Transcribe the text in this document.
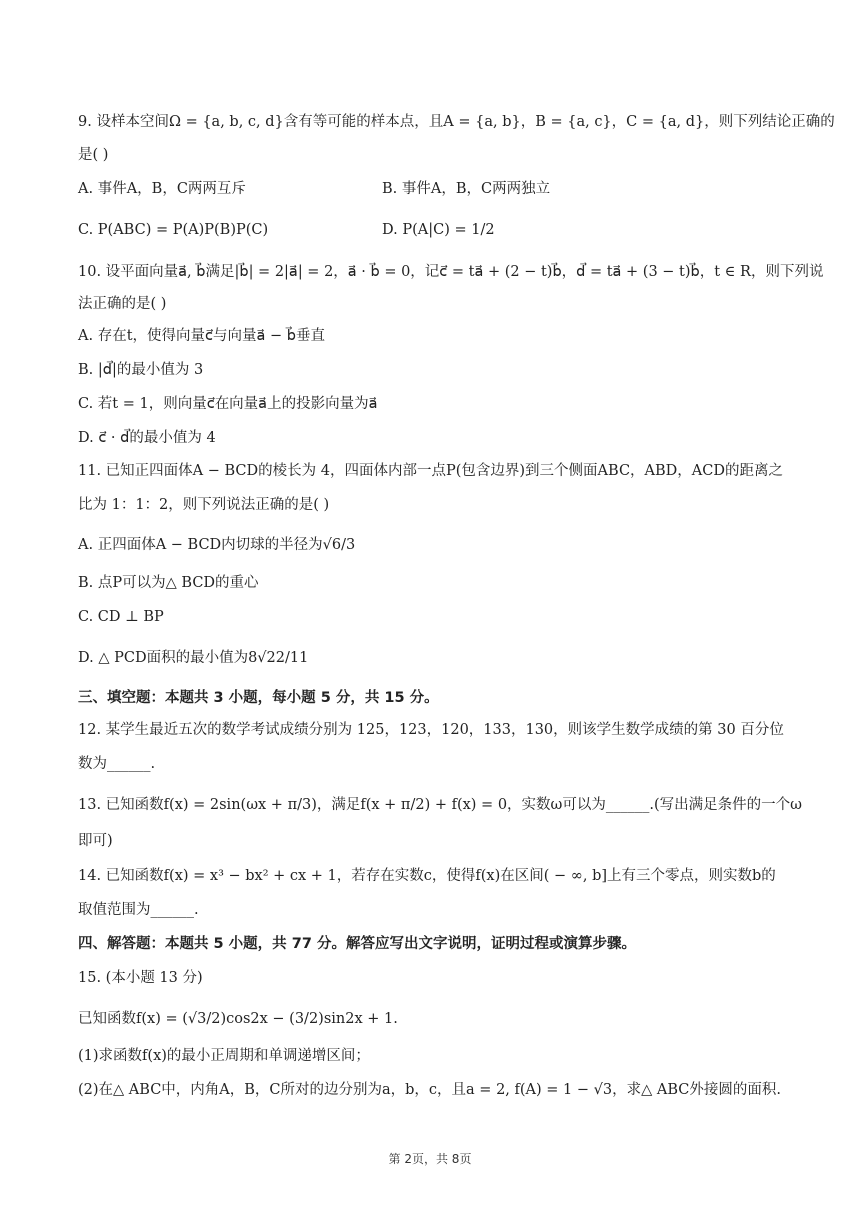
9. 设样本空间Ω = {a, b, c, d}含有等可能的样本点，且A = {a, b}，B = {a, c}，C = {a, d}，则下列结论正确的
是( )
A. 事件A，B，C两两互斥	B. 事件A，B，C两两独立
C. P(ABC) = P(A)P(B)P(C)	D. P(A|C) = 1/2
10. 设平面向量a⃗, b⃗满足|b⃗| = 2|a⃗| = 2，a⃗ · b⃗ = 0，记c⃗ = ta⃗ + (2 − t)b⃗，d⃗ = ta⃗ + (3 − t)b⃗，t ∈ R，则下列说
法正确的是( )
A. 存在t，使得向量c⃗与向量a⃗ − b⃗垂直
B. |d⃗|的最小值为 3
C. 若t = 1，则向量c⃗在向量a⃗上的投影向量为a⃗
D. c⃗ · d⃗的最小值为 4
11. 已知正四面体A − BCD的棱长为 4，四面体内部一点P(包含边界)到三个侧面ABC，ABD，ACD的距离之
比为 1：1：2，则下列说法正确的是( )
A. 正四面体A − BCD内切球的半径为√6/3
B. 点P可以为△ BCD的重心
C. CD ⊥ BP
D. △ PCD面积的最小值为8√22/11
三、填空题：本题共 3 小题，每小题 5 分，共 15 分。
12. 某学生最近五次的数学考试成绩分别为 125，123，120，133，130，则该学生数学成绩的第 30 百分位
数为______.
13. 已知函数f(x) = 2sin(ωx + π/3)，满足f(x + π/2) + f(x) = 0，实数ω可以为______.(写出满足条件的一个ω
即可)
14. 已知函数f(x) = x³ − bx² + cx + 1，若存在实数c，使得f(x)在区间( − ∞, b]上有三个零点，则实数b的
取值范围为______.
四、解答题：本题共 5 小题，共 77 分。解答应写出文字说明，证明过程或演算步骤。
15. (本小题 13 分)
已知函数f(x) = (√3/2)cos2x − (3/2)sin2x + 1.
(1)求函数f(x)的最小正周期和单调递增区间；
(2)在△ ABC中，内角A，B，C所对的边分别为a，b，c，且a = 2, f(A) = 1 − √3，求△ ABC外接圆的面积.
第 2页，共 8页
